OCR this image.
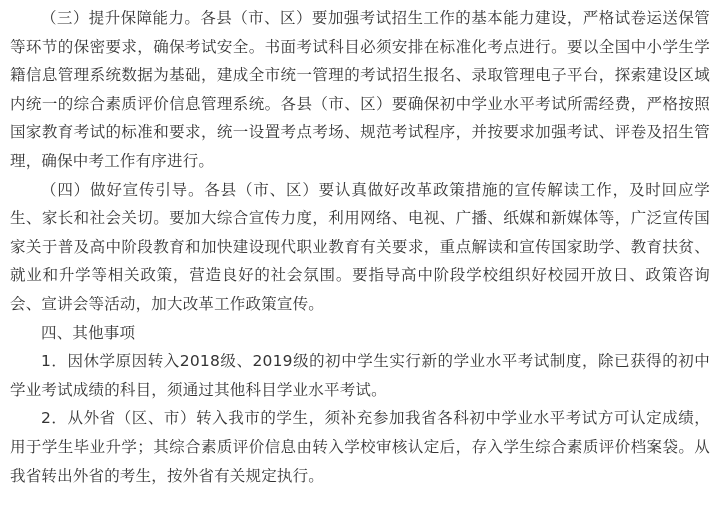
（三）提升保障能力。各县（市、区）要加强考试招生工作的基本能力建设，严格试卷运送保管等环节的保密要求，确保考试安全。书面考试科目必须安排在标准化考点进行。要以全国中小学生学籍信息管理系统数据为基础，建成全市统一管理的考试招生报名、录取管理电子平台，探索建设区域内统一的综合素质评价信息管理系统。各县（市、区）要确保初中学业水平考试所需经费，严格按照国家教育考试的标准和要求，统一设置考点考场、规范考试程序，并按要求加强考试、评卷及招生管理，确保中考工作有序进行。

（四）做好宣传引导。各县（市、区）要认真做好改革政策措施的宣传解读工作，及时回应学生、家长和社会关切。要加大综合宣传力度，利用网络、电视、广播、纸媒和新媒体等，广泛宣传国家关于普及高中阶段教育和加快建设现代职业教育有关要求，重点解读和宣传国家助学、教育扶贫、就业和升学等相关政策，营造良好的社会氛围。要指导高中阶段学校组织好校园开放日、政策咨询会、宣讲会等活动，加大改革工作政策宣传。

四、其他事项

1．因休学原因转入2018级、2019级的初中学生实行新的学业水平考试制度，除已获得的初中学业考试成绩的科目，须通过其他科目学业水平考试。

2．从外省（区、市）转入我市的学生，须补充参加我省各科初中学业水平考试方可认定成绩，用于学生毕业升学；其综合素质评价信息由转入学校审核认定后，存入学生综合素质评价档案袋。从我省转出外省的考生，按外省有关规定执行。
